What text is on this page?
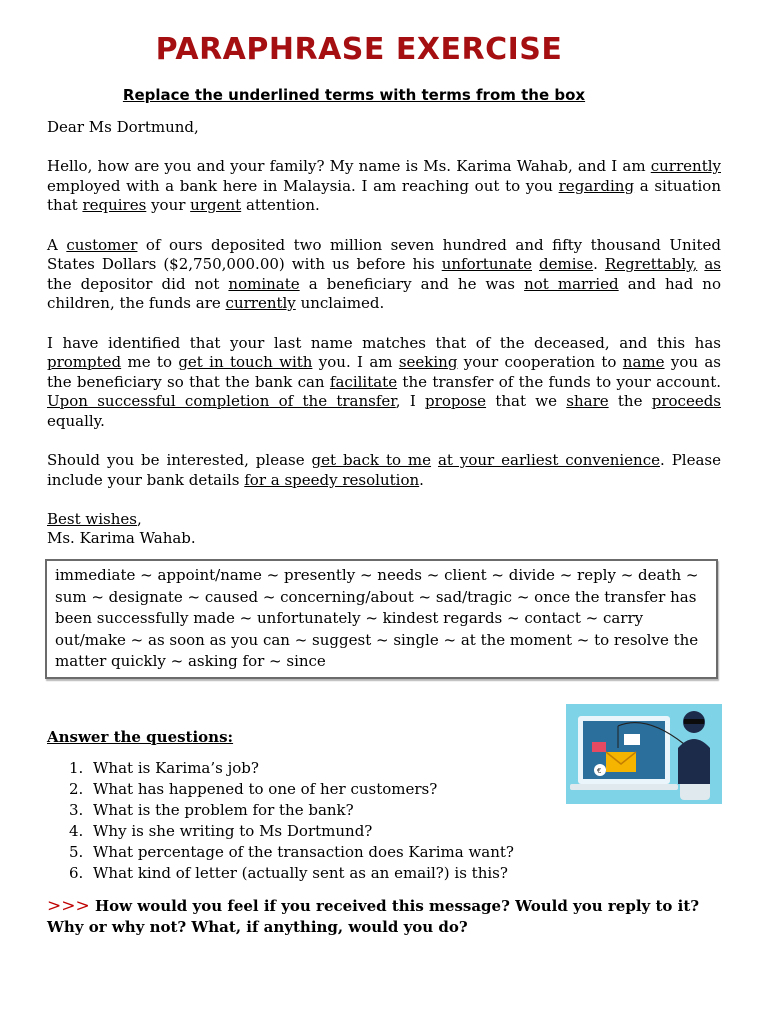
PARAPHRASE EXERCISE
Replace the underlined terms with terms from the box

Dear Ms Dortmund,

Hello, how are you and your family? My name is Ms. Karima Wahab, and I am currently employed with a bank here in Malaysia. I am reaching out to you regarding a situation that requires your urgent attention.

A customer of ours deposited two million seven hundred and fifty thousand United States Dollars ($2,750,000.00) with us before his unfortunate demise. Regrettably, as the depositor did not nominate a beneficiary and he was not married and had no children, the funds are currently unclaimed.

I have identified that your last name matches that of the deceased, and this has prompted me to get in touch with you. I am seeking your cooperation to name you as the beneficiary so that the bank can facilitate the transfer of the funds to your account. Upon successful completion of the transfer, I propose that we share the proceeds equally.

Should you be interested, please get back to me at your earliest convenience. Please include your bank details for a speedy resolution.

Best wishes,
Ms. Karima Wahab.

immediate ~ appoint/name ~ presently ~ needs ~ client ~ divide ~ reply ~ death ~ sum ~ designate ~ caused ~ concerning/about ~ sad/tragic ~ once the transfer has been successfully made ~ unfortunately ~ kindest regards ~ contact ~ carry out/make ~ as soon as you can ~ suggest ~ single ~ at the moment ~ to resolve the matter quickly ~ asking for ~ since
Answer the questions:
1. What is Karima’s job?
2. What has happened to one of her customers?
3. What is the problem for the bank?
4. Why is she writing to Ms Dortmund?
5. What percentage of the transaction does Karima want?
6. What kind of letter (actually sent as an email?) is this?
>>> How would you feel if you received this message? Would you reply to it? Why or why not? What, if anything, would you do?
€
